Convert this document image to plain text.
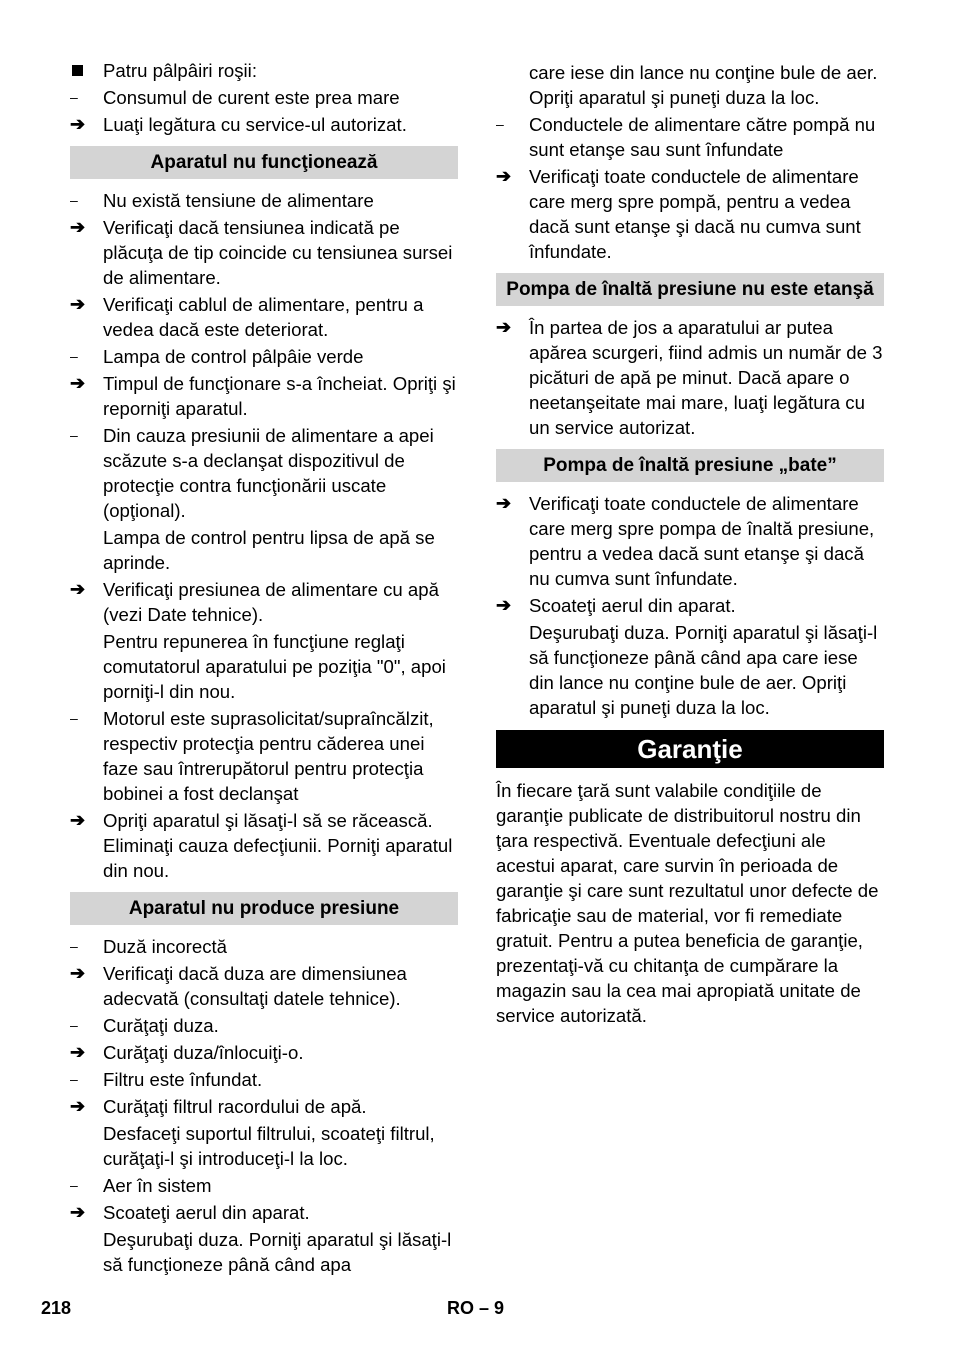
Patru pâlpâiri roşii:
–	Consumul de curent este prea mare
➔ Luaţi legătura cu service-ul autorizat.
Aparatul nu funcţionează
–	Nu există tensiune de alimentare
➔ Verificaţi dacă tensiunea indicată pe plăcuţa de tip coincide cu tensiunea sursei de alimentare.
➔ Verificaţi cablul de alimentare, pentru a vedea dacă este deteriorat.
–	Lampa de control pâlpâie verde
➔ Timpul de funcţionare s-a încheiat. Opriţi şi reporniţi aparatul.
–	Din cauza presiunii de alimentare a apei scăzute s-a declanşat dispozitivul de protecţie contra funcţionării uscate (opţional).
Lampa de control pentru lipsa de apă se aprinde.
➔ Verificaţi presiunea de alimentare cu apă (vezi Date tehnice).
Pentru repunerea în funcţiune reglaţi comutatorul aparatului pe poziţia "0", apoi porniţi-l din nou.
–	Motorul este suprasolicitat/supraîncălzit, respectiv protecţia pentru căderea unei faze sau întrerupătorul pentru protecţia bobinei a fost declanşat
➔ Opriţi aparatul şi lăsaţi-l să se răcească. Eliminaţi cauza defecţiunii. Porniţi aparatul din nou.
Aparatul nu produce presiune
–	Duză incorectă
➔ Verificaţi dacă duza are dimensiunea adecvată (consultaţi datele tehnice).
–	Curăţaţi duza.
➔ Curăţaţi duza/înlocuiţi-o.
–	Filtru este înfundat.
➔ Curăţaţi filtrul racordului de apă.
Desfaceţi suportul filtrului, scoateţi filtrul, curăţaţi-l şi introduceţi-l la loc.
–	Aer în sistem
➔ Scoateţi aerul din aparat.
Deşurubaţi duza. Porniţi aparatul şi lăsaţi-l să funcţioneze până când apa
care iese din lance nu conţine bule de aer. Opriţi aparatul şi puneţi duza la loc.
–	Conductele de alimentare către pompă nu sunt etanşe sau sunt înfundate
➔ Verificaţi toate conductele de alimentare care merg spre pompă, pentru a vedea dacă sunt etanşe şi dacă nu cumva sunt înfundate.
Pompa de înaltă presiune nu este etanşă
➔ În partea de jos a aparatului ar putea apărea scurgeri, fiind admis un număr de 3 picături de apă pe minut. Dacă apare o neetanşeitate mai mare, luaţi legătura cu un service autorizat.
Pompa de înaltă presiune „bate”
➔ Verificaţi toate conductele de alimentare care merg spre pompa de înaltă presiune, pentru a vedea dacă sunt etanşe şi dacă nu cumva sunt înfundate.
➔ Scoateţi aerul din aparat.
Deşurubaţi duza. Porniţi aparatul şi lăsaţi-l să funcţioneze până când apa care iese din lance nu conţine bule de aer. Opriţi aparatul şi puneţi duza la loc.
Garanţie
În fiecare ţară sunt valabile condiţiile de garanţie publicate de distribuitorul nostru din ţara respectivă. Eventuale defecţiuni ale acestui aparat, care survin în perioada de garanţie şi care sunt rezultatul unor defecte de fabricaţie sau de material, vor fi remediate gratuit. Pentru a putea beneficia de garanţie, prezentaţi-vă cu chitanţa de cumpărare la magazin sau la cea mai apropiată unitate de service autorizată.
218	RO – 9
